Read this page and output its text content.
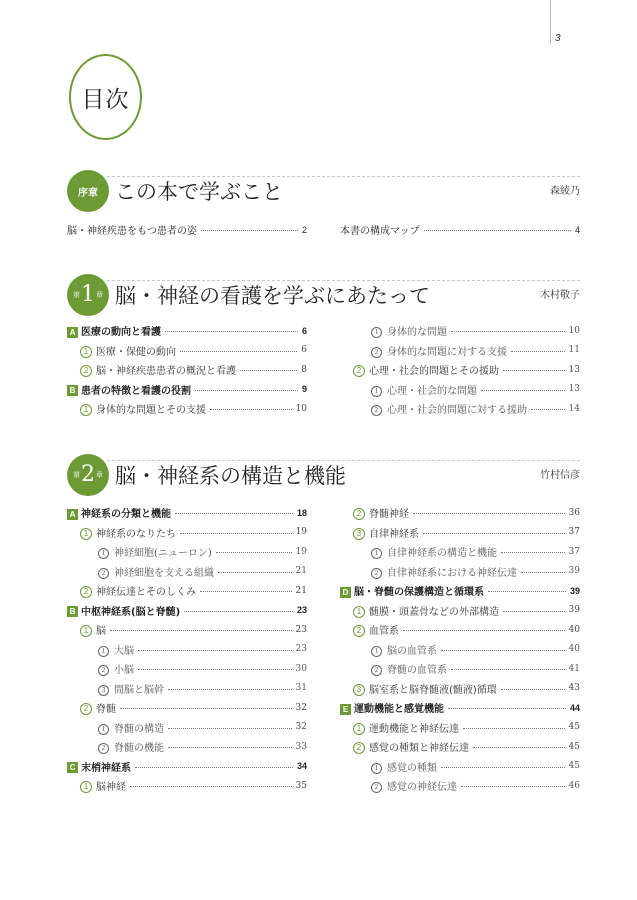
3
目次
序章 この本で学ぶこと	森綾乃
脳・神経疾患をもつ患者の姿	2	本書の構成マップ	4
第 1 章 脳・神経の看護を学ぶにあたって	木村敬子
A 医療の動向と看護	6
1 医療・保健の動向	6
2 脳・神経疾患患者の概況と看護	8
B 患者の特徴と看護の役割	9
1 身体的な問題とその支援	10
1 身体的な問題	10
2 身体的な問題に対する支援	11
2 心理・社会的問題とその援助	13
1 心理・社会的な問題	13
2 心理・社会的問題に対する援助	14
第 2 章 脳・神経系の構造と機能	竹村信彦
A 神経系の分類と機能	18
1 神経系のなりたち	19
1 神経細胞(ニューロン)	19
2 神経細胞を支える組織	21
2 神経伝達とそのしくみ	21
B 中枢神経系(脳と脊髄)	23
1 脳	23
1 大脳	23
2 小脳	30
3 間脳と脳幹	31
2 脊髄	32
1 脊髄の構造	32
2 脊髄の機能	33
C 末梢神経系	34
1 脳神経	35
2 脊髄神経	36
3 自律神経系	37
1 自律神経系の構造と機能	37
2 自律神経系における神経伝達	39
D 脳・脊髄の保護構造と循環系	39
1 髄膜・頭蓋骨などの外部構造	39
2 血管系	40
1 脳の血管系	40
2 脊髄の血管系	41
3 脳室系と脳脊髄液(髄液)循環	43
E 運動機能と感覚機能	44
1 運動機能と神経伝達	45
2 感覚の種類と神経伝達	45
1 感覚の種類	45
2 感覚の神経伝達	46
